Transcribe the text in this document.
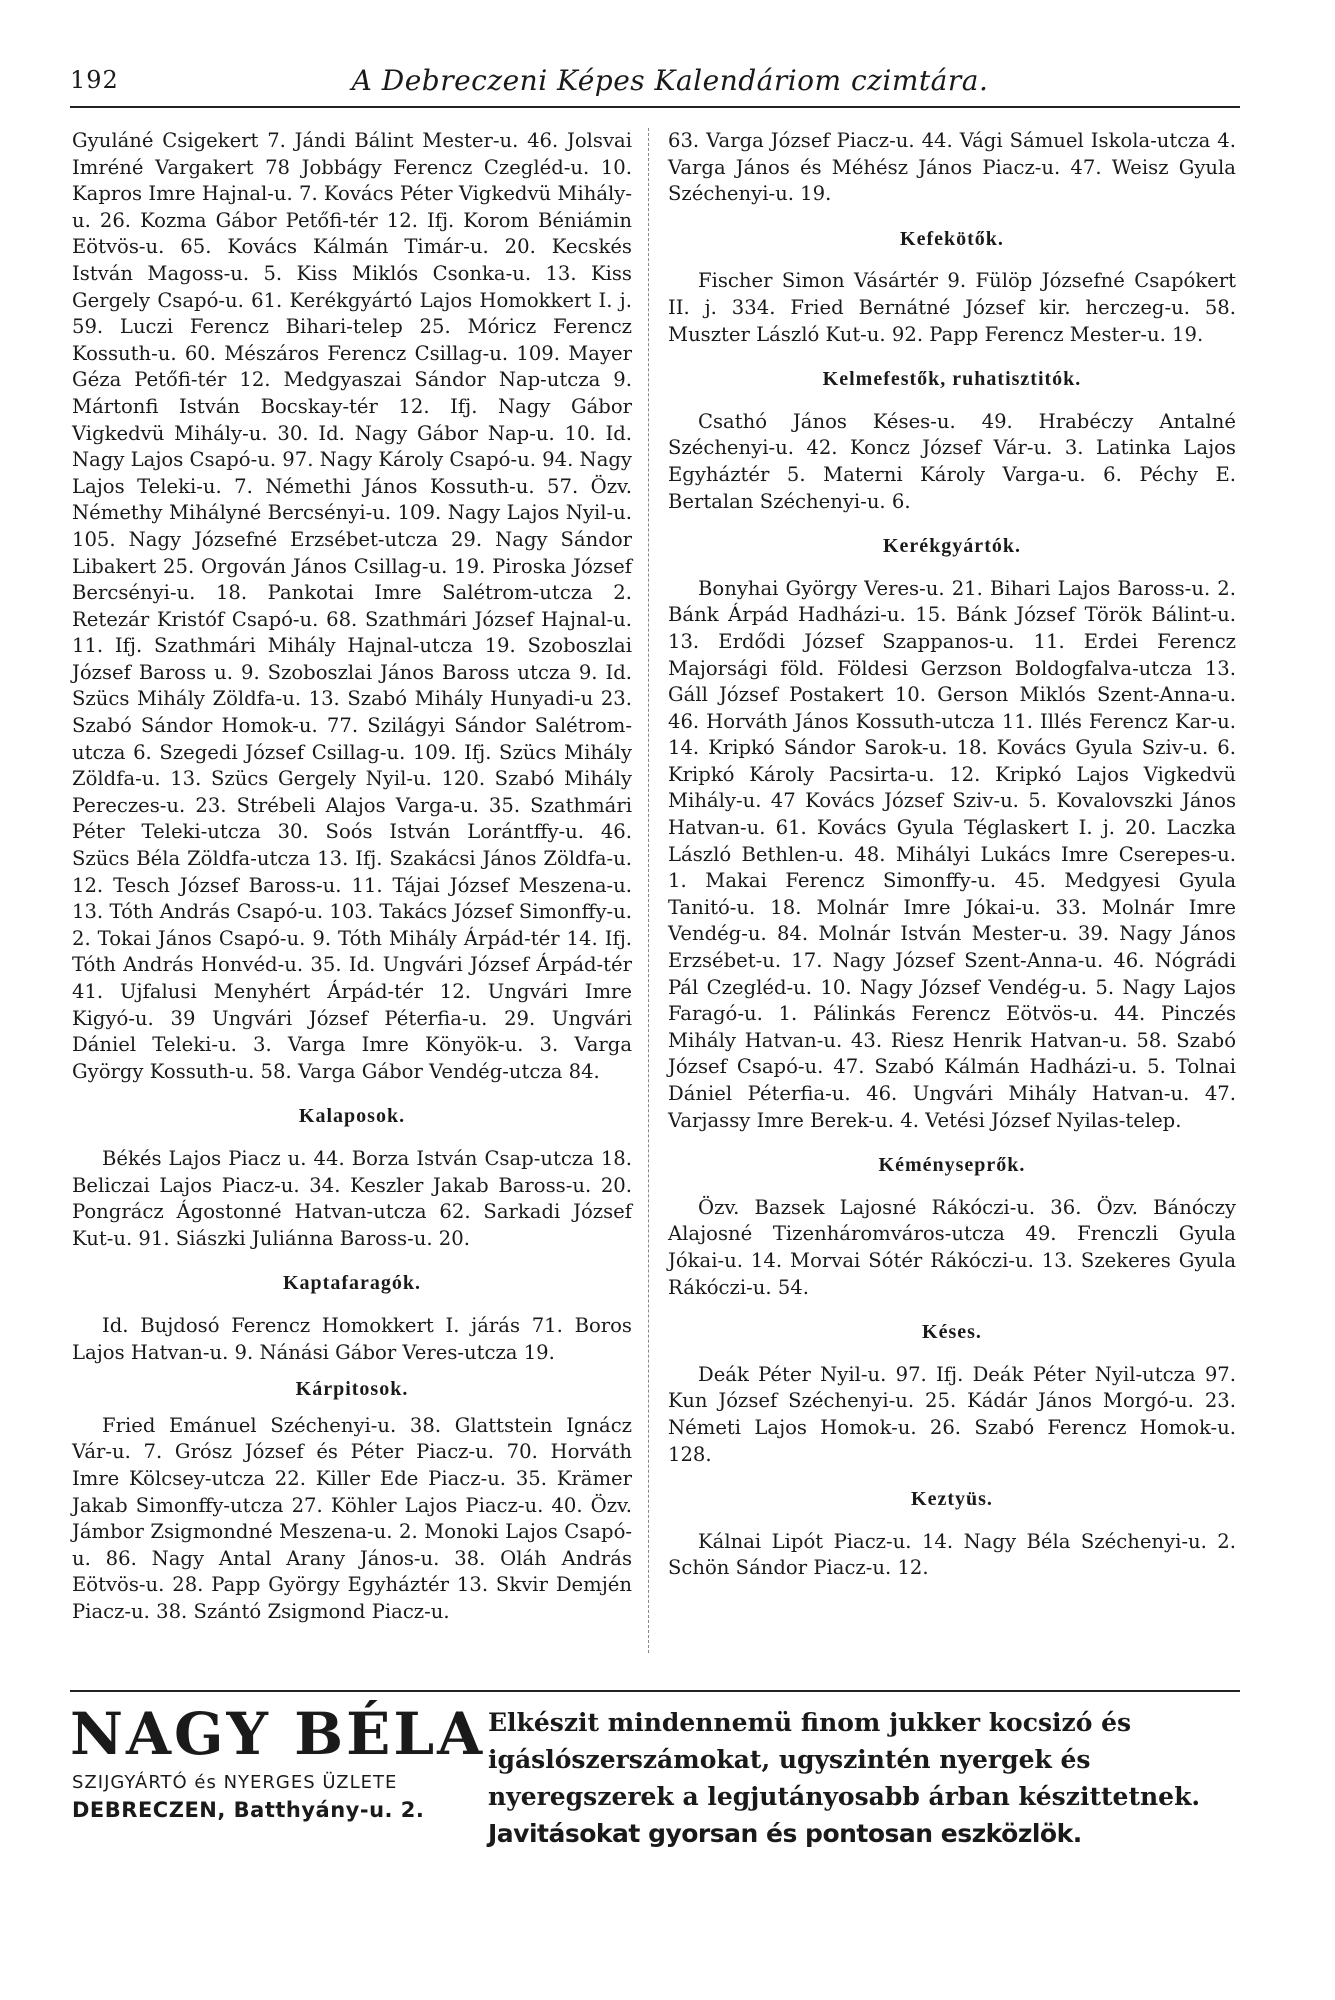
192	A Debreczeni Képes Kalendáriom czimtára.

Gyuláné Csigekert 7. Jándi Bálint Mester-u. 46. Jolsvai Imréné Vargakert 78 Jobbágy Ferencz Czegléd-u. 10. Kapros Imre Hajnal-u. 7. Kovács Péter Vigkedvü Mihály-u. 26. Kozma Gábor Petőfi-tér 12. Ifj. Korom Béniámin Eötvös-u. 65. Kovács Kálmán Timár-u. 20. Kecskés István Magoss-u. 5. Kiss Miklós Csonka-u. 13. Kiss Gergely Csapó-u. 61. Kerékgyártó Lajos Homokkert I. j. 59. Luczi Ferencz Bihari-telep 25. Móricz Ferencz Kossuth-u. 60. Mészáros Ferencz Csillag-u. 109. Mayer Géza Petőfi-tér 12. Medgyaszai Sándor Nap-utcza 9. Mártonfi István Bocskay-tér 12. Ifj. Nagy Gábor Vigkedvü Mihály-u. 30. Id. Nagy Gábor Nap-u. 10. Id. Nagy Lajos Csapó-u. 97. Nagy Károly Csapó-u. 94. Nagy Lajos Teleki-u. 7. Némethi János Kossuth-u. 57. Özv. Némethy Mihályné Bercsényi-u. 109. Nagy Lajos Nyil-u. 105. Nagy Józsefné Erzsébet-utcza 29. Nagy Sándor Libakert 25. Orgován János Csillag-u. 19. Piroska József Bercsényi-u. 18. Pankotai Imre Salétrom-utcza 2. Retezár Kristóf Csapó-u. 68. Szathmári József Hajnal-u. 11. Ifj. Szathmári Mihály Hajnal-utcza 19. Szoboszlai József Baross u. 9. Szoboszlai János Baross utcza 9. Id. Szücs Mihály Zöldfa-u. 13. Szabó Mihály Hunyadi-u 23. Szabó Sándor Homok-u. 77. Szilágyi Sándor Salétrom-utcza 6. Szegedi József Csillag-u. 109. Ifj. Szücs Mihály Zöldfa-u. 13. Szücs Gergely Nyil-u. 120. Szabó Mihály Pereczes-u. 23. Strébeli Alajos Varga-u. 35. Szathmári Péter Teleki-utcza 30. Soós István Lorántffy-u. 46. Szücs Béla Zöldfa-utcza 13. Ifj. Szakácsi János Zöldfa-u. 12. Tesch József Baross-u. 11. Tájai József Meszena-u. 13. Tóth András Csapó-u. 103. Takács József Simonffy-u. 2. Tokai János Csapó-u. 9. Tóth Mihály Árpád-tér 14. Ifj. Tóth András Honvéd-u. 35. Id. Ungvári József Árpád-tér 41. Ujfalusi Menyhért Árpád-tér 12. Ungvári Imre Kigyó-u. 39 Ungvári József Péterfia-u. 29. Ungvári Dániel Teleki-u. 3. Varga Imre Könyök-u. 3. Varga György Kossuth-u. 58. Varga Gábor Vendég-utcza 84.

Kalaposok.

Békés Lajos Piacz u. 44. Borza István Csap-utcza 18. Beliczai Lajos Piacz-u. 34. Keszler Jakab Baross-u. 20. Pongrácz Ágostonné Hatvan-utcza 62. Sarkadi József Kut-u. 91. Siászki Juliánna Baross-u. 20.

Kaptafaragók.

Id. Bujdosó Ferencz Homokkert I. járás 71. Boros Lajos Hatvan-u. 9. Nánási Gábor Veres-utcza 19.

Kárpitosok.

Fried Emánuel Széchenyi-u. 38. Glattstein Ignácz Vár-u. 7. Grósz József és Péter Piacz-u. 70. Horváth Imre Kölcsey-utcza 22. Killer Ede Piacz-u. 35. Krämer Jakab Simonffy-utcza 27. Köhler Lajos Piacz-u. 40. Özv. Jámbor Zsigmondné Meszena-u. 2. Monoki Lajos Csapó-u. 86. Nagy Antal Arany János-u. 38. Oláh András Eötvös-u. 28. Papp György Egyháztér 13. Skvir Demjén Piacz-u. 38. Szántó Zsigmond Piacz-u.

63. Varga József Piacz-u. 44. Vági Sámuel Iskola-utcza 4. Varga János és Méhész János Piacz-u. 47. Weisz Gyula Széchenyi-u. 19.

Kefekötők.

Fischer Simon Vásártér 9. Fülöp Józsefné Csapókert II. j. 334. Fried Bernátné József kir. herczeg-u. 58. Muszter László Kut-u. 92. Papp Ferencz Mester-u. 19.

Kelmefestők, ruhatisztitók.

Csathó János Késes-u. 49. Hrabéczy Antalné Széchenyi-u. 42. Koncz József Vár-u. 3. Latinka Lajos Egyháztér 5. Materni Károly Varga-u. 6. Péchy E. Bertalan Széchenyi-u. 6.

Kerékgyártók.

Bonyhai György Veres-u. 21. Bihari Lajos Baross-u. 2. Bánk Árpád Hadházi-u. 15. Bánk József Török Bálint-u. 13. Erdődi József Szappanos-u. 11. Erdei Ferencz Majorsági föld. Földesi Gerzson Boldogfalva-utcza 13. Gáll József Postakert 10. Gerson Miklós Szent-Anna-u. 46. Horváth János Kossuth-utcza 11. Illés Ferencz Kar-u. 14. Kripkó Sándor Sarok-u. 18. Kovács Gyula Sziv-u. 6. Kripkó Károly Pacsirta-u. 12. Kripkó Lajos Vigkedvü Mihály-u. 47 Kovács József Sziv-u. 5. Kovalovszki János Hatvan-u. 61. Kovács Gyula Téglaskert I. j. 20. Laczka László Bethlen-u. 48. Mihályi Lukács Imre Cserepes-u. 1. Makai Ferencz Simonffy-u. 45. Medgyesi Gyula Tanitó-u. 18. Molnár Imre Jókai-u. 33. Molnár Imre Vendég-u. 84. Molnár István Mester-u. 39. Nagy János Erzsébet-u. 17. Nagy József Szent-Anna-u. 46. Nógrádi Pál Czegléd-u. 10. Nagy József Vendég-u. 5. Nagy Lajos Faragó-u. 1. Pálinkás Ferencz Eötvös-u. 44. Pinczés Mihály Hatvan-u. 43. Riesz Henrik Hatvan-u. 58. Szabó József Csapó-u. 47. Szabó Kálmán Hadházi-u. 5. Tolnai Dániel Péterfia-u. 46. Ungvári Mihály Hatvan-u. 47. Varjassy Imre Berek-u. 4. Vetési József Nyilas-telep.

Kéményseprők.

Özv. Bazsek Lajosné Rákóczi-u. 36. Özv. Bánóczy Alajosné Tizenháromváros-utcza 49. Frenczli Gyula Jókai-u. 14. Morvai Sótér Rákóczi-u. 13. Szekeres Gyula Rákóczi-u. 54.

Késes.

Deák Péter Nyil-u. 97. Ifj. Deák Péter Nyil-utcza 97. Kun József Széchenyi-u. 25. Kádár János Morgó-u. 23. Németi Lajos Homok-u. 26. Szabó Ferencz Homok-u. 128.

Keztyüs.

Kálnai Lipót Piacz-u. 14. Nagy Béla Széchenyi-u. 2. Schön Sándor Piacz-u. 12.

NAGY BÉLA
SZIJGYÁRTÓ és NYERGES ÜZLETE
DEBRECZEN, Batthyány-u. 2.
Elkészit mindennemü finom jukker kocsizó és igáslószerszámokat, ugyszintén nyergek és nyeregszerek a legjutányosabb árban készittetnek. Javitásokat gyorsan és pontosan eszközlök.
